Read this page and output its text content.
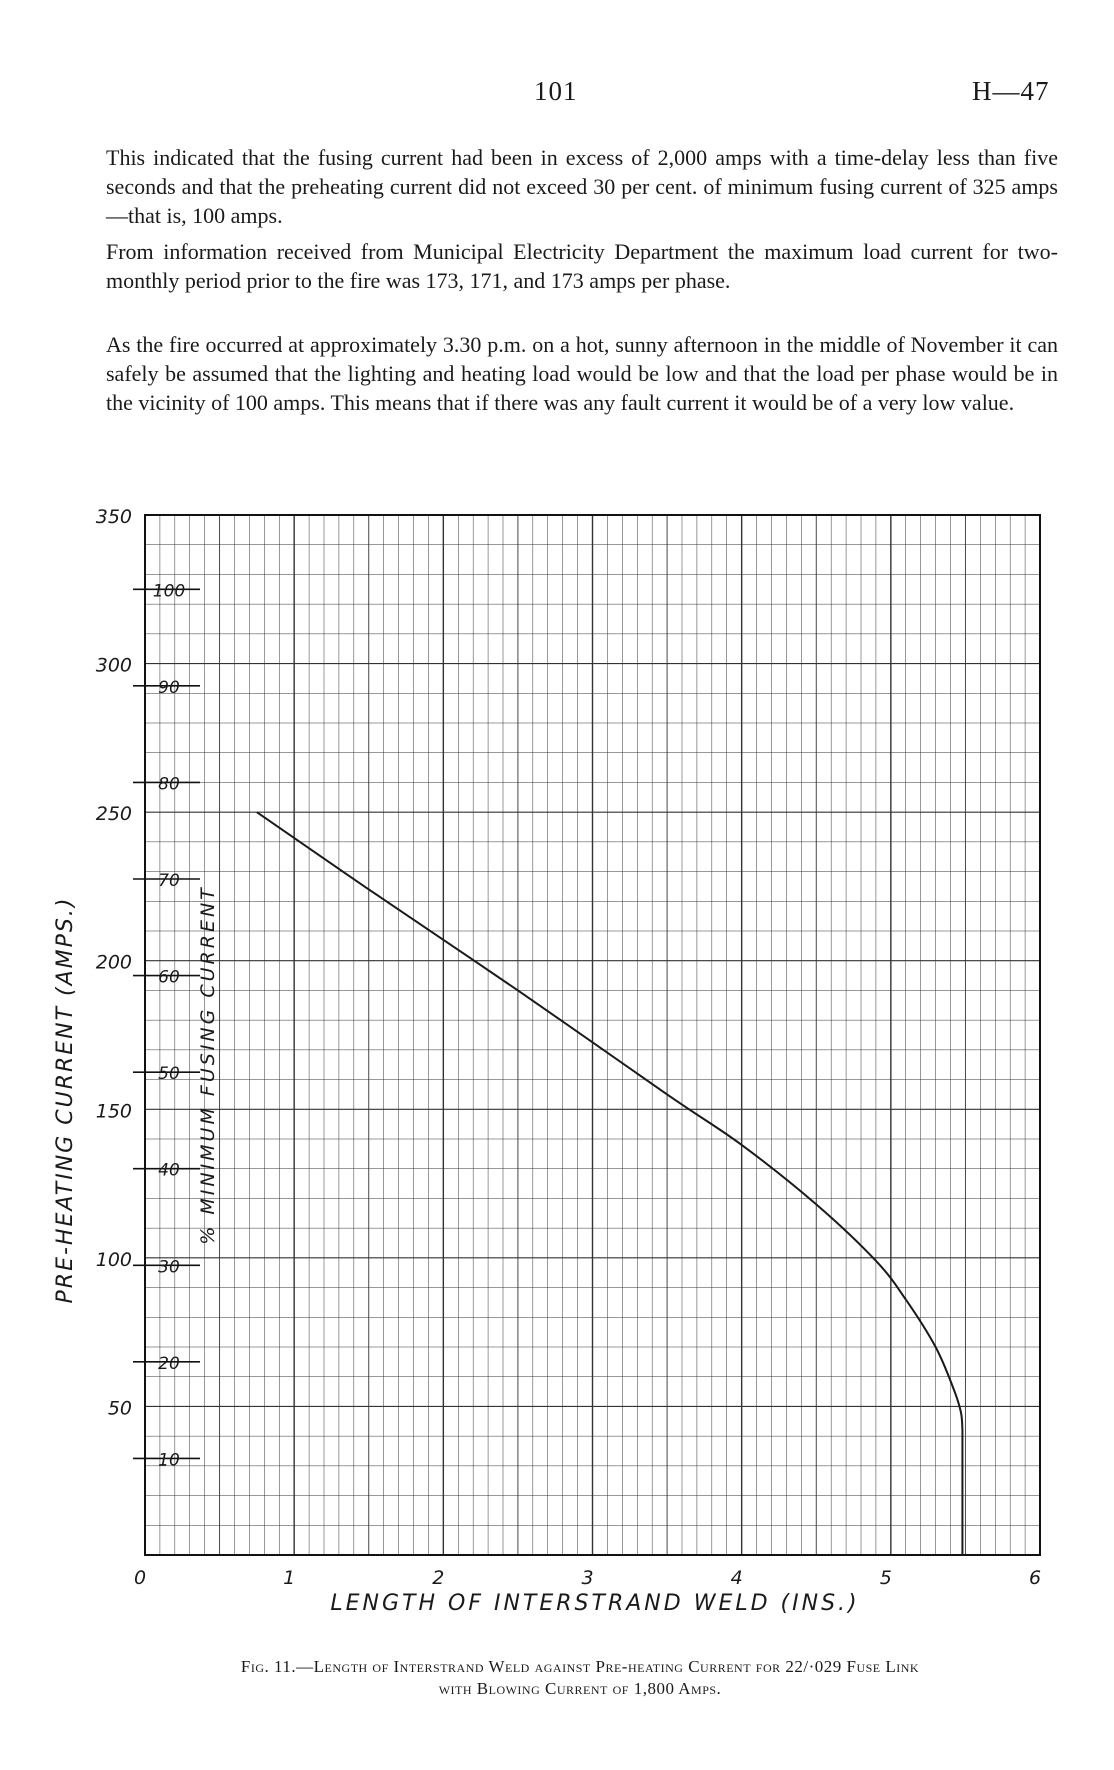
101	H—47
This indicated that the fusing current had been in excess of 2,000 amps with a time-delay less than five seconds and that the preheating current did not exceed 30 per cent. of minimum fusing current of 325 amps—that is, 100 amps.
From information received from Municipal Electricity Department the maximum load current for two-monthly period prior to the fire was 173, 171, and 173 amps per phase.
As the fire occurred at approximately 3.30 p.m. on a hot, sunny afternoon in the middle of November it can safely be assumed that the lighting and heating load would be low and that the load per phase would be in the vicinity of 100 amps. This means that if there was any fault current it would be of a very low value.
50
100
150
200
250
300
350
10
20
30
40
50
60
70
80
90
100
0	1	2	3	4	5	6
PRE-HEATING CURRENT (AMPS.)	% MINIMUM FUSING CURRENT
LENGTH OF INTERSTRAND WELD (INS.)
Fig. 11.—Length of Interstrand Weld against Pre-heating Current for 22/·029 Fuse Link
with Blowing Current of 1,800 Amps.
